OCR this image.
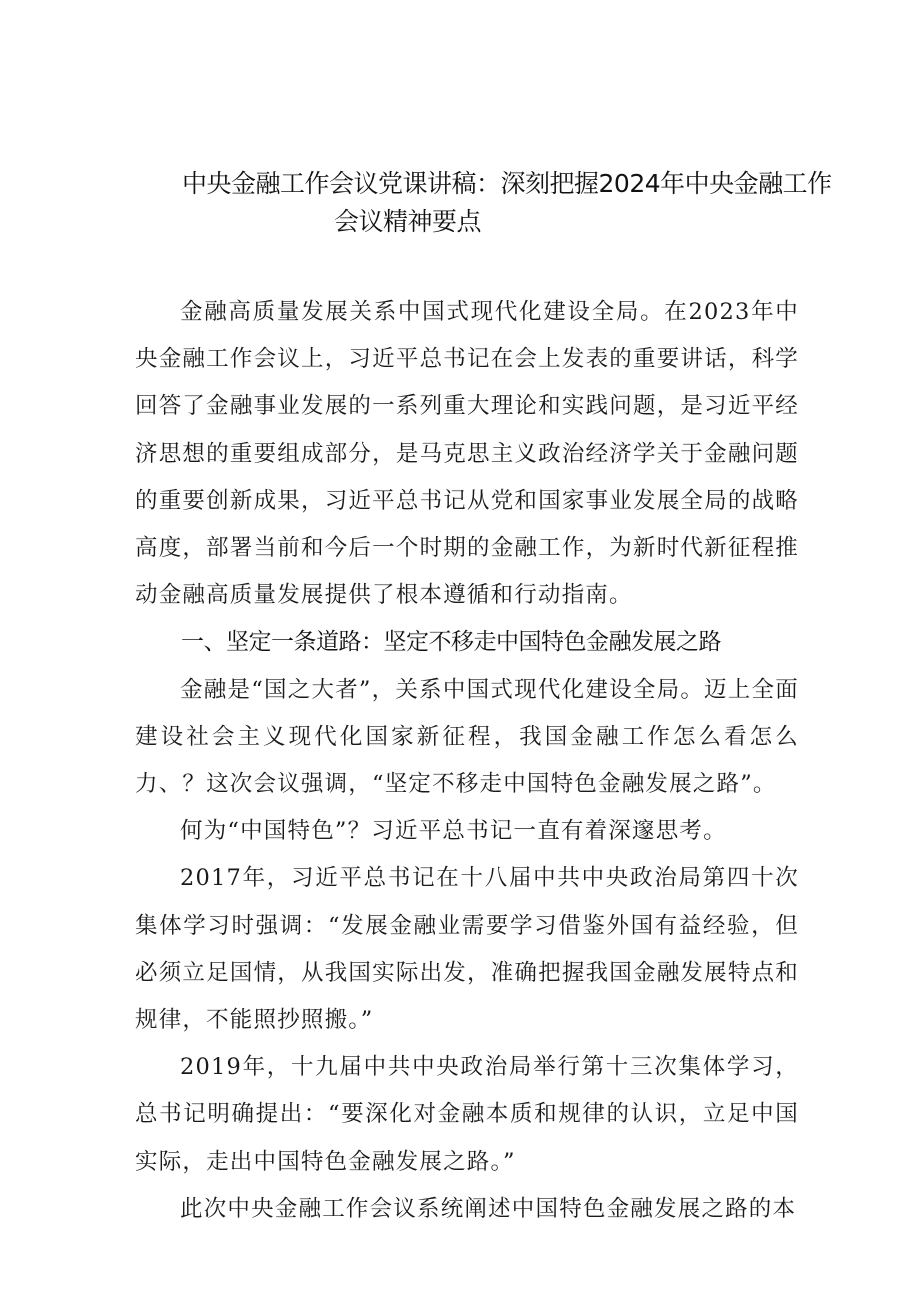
中央金融工作会议党课讲稿：深刻把握2024年中央金融工作
会议精神要点

金融高质量发展关系中国式现代化建设全局。在2023年中央金融工作会议上，习近平总书记在会上发表的重要讲话，科学回答了金融事业发展的一系列重大理论和实践问题，是习近平经济思想的重要组成部分，是马克思主义政治经济学关于金融问题的重要创新成果，习近平总书记从党和国家事业发展全局的战略高度，部署当前和今后一个时期的金融工作，为新时代新征程推动金融高质量发展提供了根本遵循和行动指南。

一、坚定一条道路：坚定不移走中国特色金融发展之路

金融是“国之大者”，关系中国式现代化建设全局。迈上全面建设社会主义现代化国家新征程，我国金融工作怎么看怎么力、？这次会议强调，“坚定不移走中国特色金融发展之路”。

何为“中国特色”？习近平总书记一直有着深邃思考。

2017年，习近平总书记在十八届中共中央政治局第四十次集体学习时强调：“发展金融业需要学习借鉴外国有益经验，但必须立足国情，从我国实际出发，准确把握我国金融发展特点和规律，不能照抄照搬。”

2019年，十九届中共中央政治局举行第十三次集体学习，总书记明确提出：“要深化对金融本质和规律的认识，立足中国实际，走出中国特色金融发展之路。”

此次中央金融工作会议系统阐述中国特色金融发展之路的本
